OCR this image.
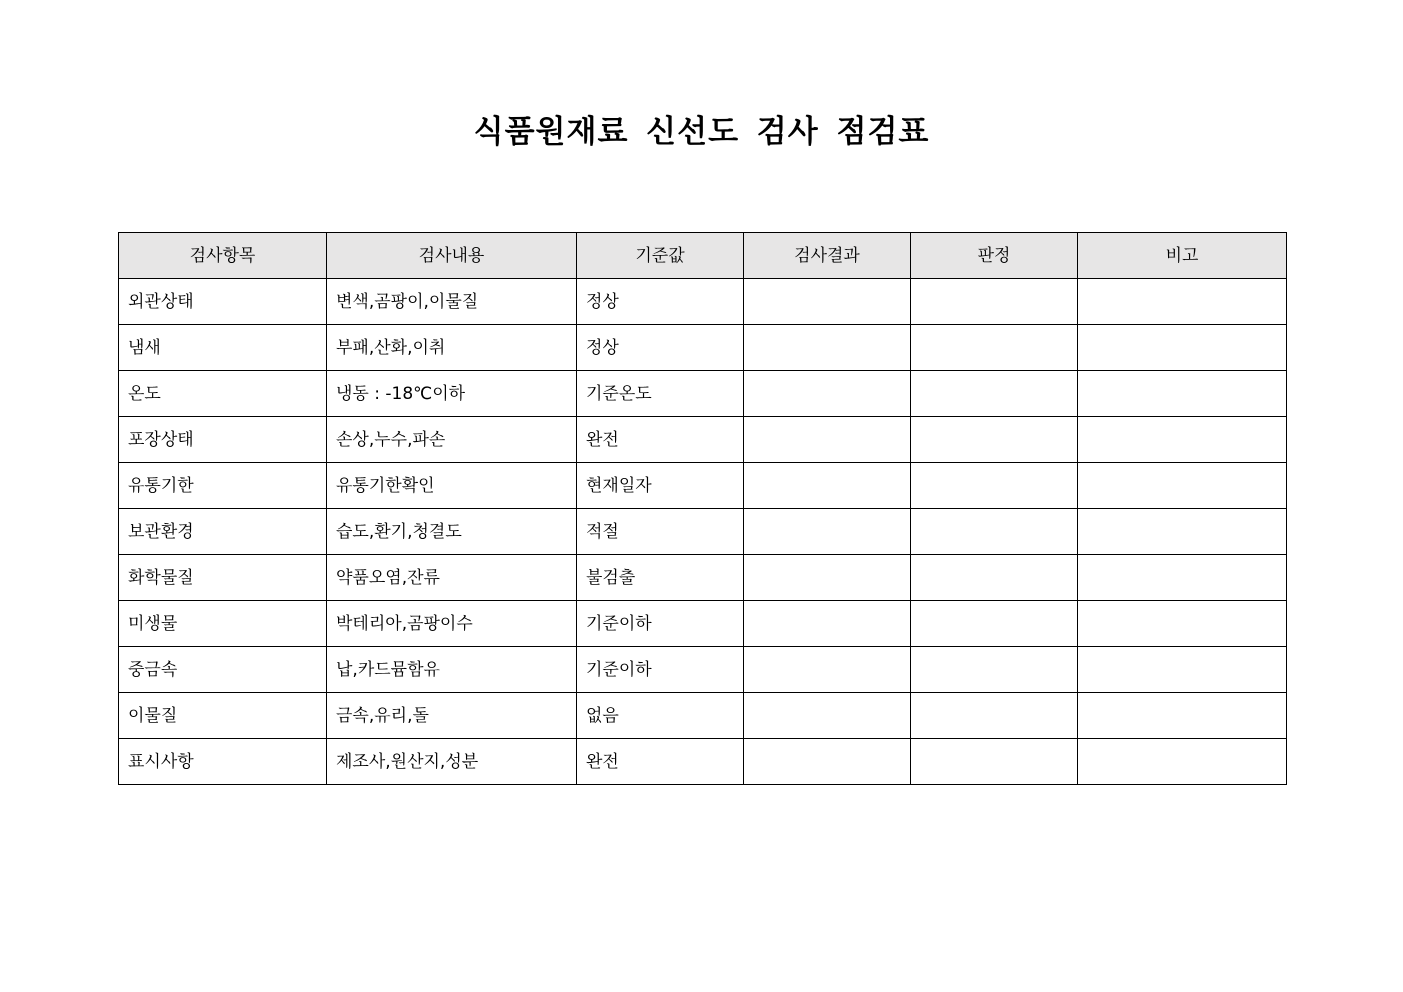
식품원재료 신선도 검사 점검표
검사항목	검사내용	기준값	검사결과	판정	비고
외관상태	변색,곰팡이,이물질	정상			
냄새	부패,산화,이취	정상			
온도	냉동 : -18℃이하	기준온도			
포장상태	손상,누수,파손	완전			
유통기한	유통기한확인	현재일자			
보관환경	습도,환기,청결도	적절			
화학물질	약품오염,잔류	불검출			
미생물	박테리아,곰팡이수	기준이하			
중금속	납,카드뮴함유	기준이하			
이물질	금속,유리,돌	없음			
표시사항	제조사,원산지,성분	완전			
